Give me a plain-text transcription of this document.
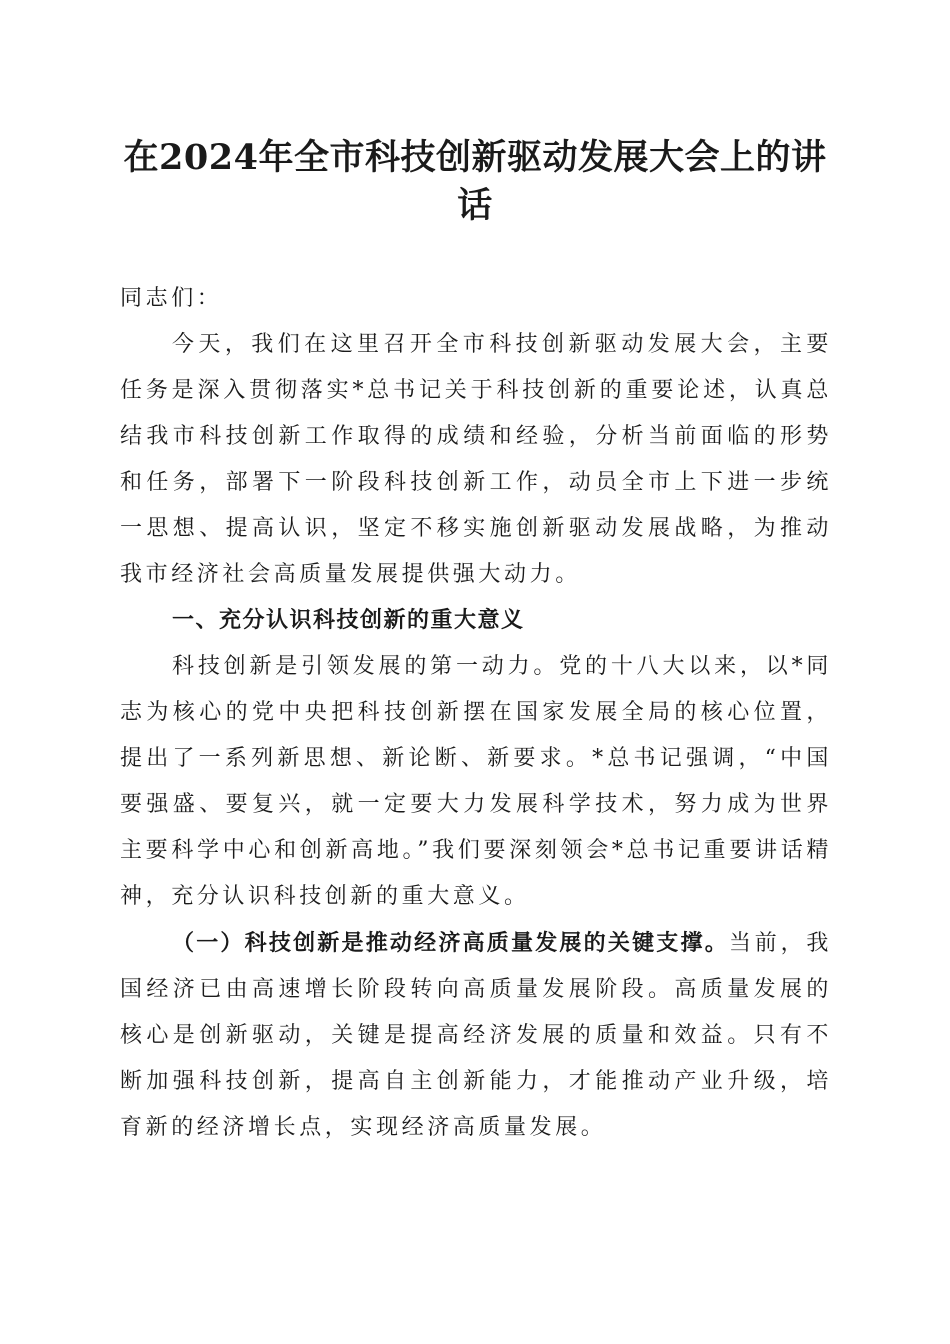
在2024年全市科技创新驱动发展大会上的讲话

同志们：

今天，我们在这里召开全市科技创新驱动发展大会，主要任务是深入贯彻落实*总书记关于科技创新的重要论述，认真总结我市科技创新工作取得的成绩和经验，分析当前面临的形势和任务，部署下一阶段科技创新工作，动员全市上下进一步统一思想、提高认识，坚定不移实施创新驱动发展战略，为推动我市经济社会高质量发展提供强大动力。

一、充分认识科技创新的重大意义

科技创新是引领发展的第一动力。党的十八大以来，以*同志为核心的党中央把科技创新摆在国家发展全局的核心位置，提出了一系列新思想、新论断、新要求。*总书记强调，“中国要强盛、要复兴，就一定要大力发展科学技术，努力成为世界主要科学中心和创新高地。”我们要深刻领会*总书记重要讲话精神，充分认识科技创新的重大意义。

（一）科技创新是推动经济高质量发展的关键支撑。当前，我国经济已由高速增长阶段转向高质量发展阶段。高质量发展的核心是创新驱动，关键是提高经济发展的质量和效益。只有不断加强科技创新，提高自主创新能力，才能推动产业升级，培育新的经济增长点，实现经济高质量发展。
